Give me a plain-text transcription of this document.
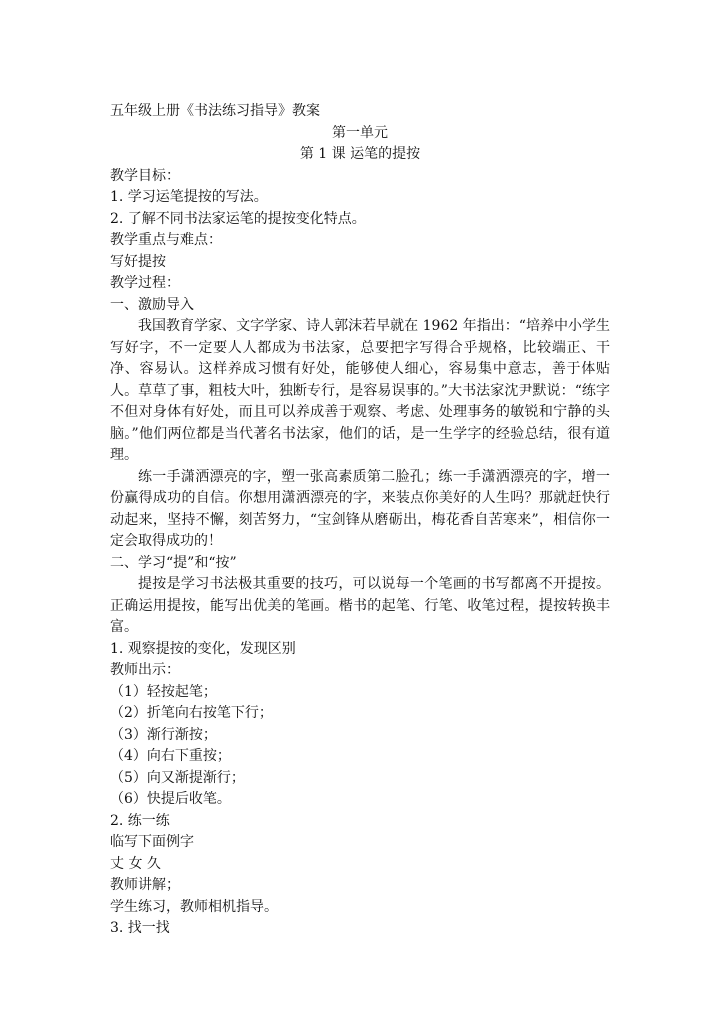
五年级上册《书法练习指导》教案
第一单元
第 1 课 运笔的提按
教学目标：
1. 学习运笔提按的写法。
2. 了解不同书法家运笔的提按变化特点。
教学重点与难点：
写好提按
教学过程：
一、激励导入
我国教育学家、文字学家、诗人郭沫若早就在 1962 年指出：“培养中小学生写好字，不一定要人人都成为书法家，总要把字写得合乎规格，比较端正、干净、容易认。这样养成习惯有好处，能够使人细心，容易集中意志，善于体贴人。草草了事，粗枝大叶，独断专行，是容易误事的。”大书法家沈尹默说：“练字不但对身体有好处，而且可以养成善于观察、考虑、处理事务的敏锐和宁静的头脑。”他们两位都是当代著名书法家，他们的话，是一生学字的经验总结，很有道理。
练一手潇洒漂亮的字，塑一张高素质第二脸孔；练一手潇洒漂亮的字，增一份赢得成功的自信。你想用潇洒漂亮的字，来装点你美好的人生吗？那就赶快行动起来，坚持不懈，刻苦努力，“宝剑锋从磨砺出，梅花香自苦寒来”，相信你一定会取得成功的！
二、学习“提”和“按”
提按是学习书法极其重要的技巧，可以说每一个笔画的书写都离不开提按。正确运用提按，能写出优美的笔画。楷书的起笔、行笔、收笔过程，提按转换丰富。
1. 观察提按的变化，发现区别
教师出示：
（1）轻按起笔；
（2）折笔向右按笔下行；
（3）渐行渐按；
（4）向右下重按；
（5）向又渐提渐行；
（6）快提后收笔。
2. 练一练
临写下面例字
丈 女 久
教师讲解；
学生练习，教师相机指导。
3. 找一找
